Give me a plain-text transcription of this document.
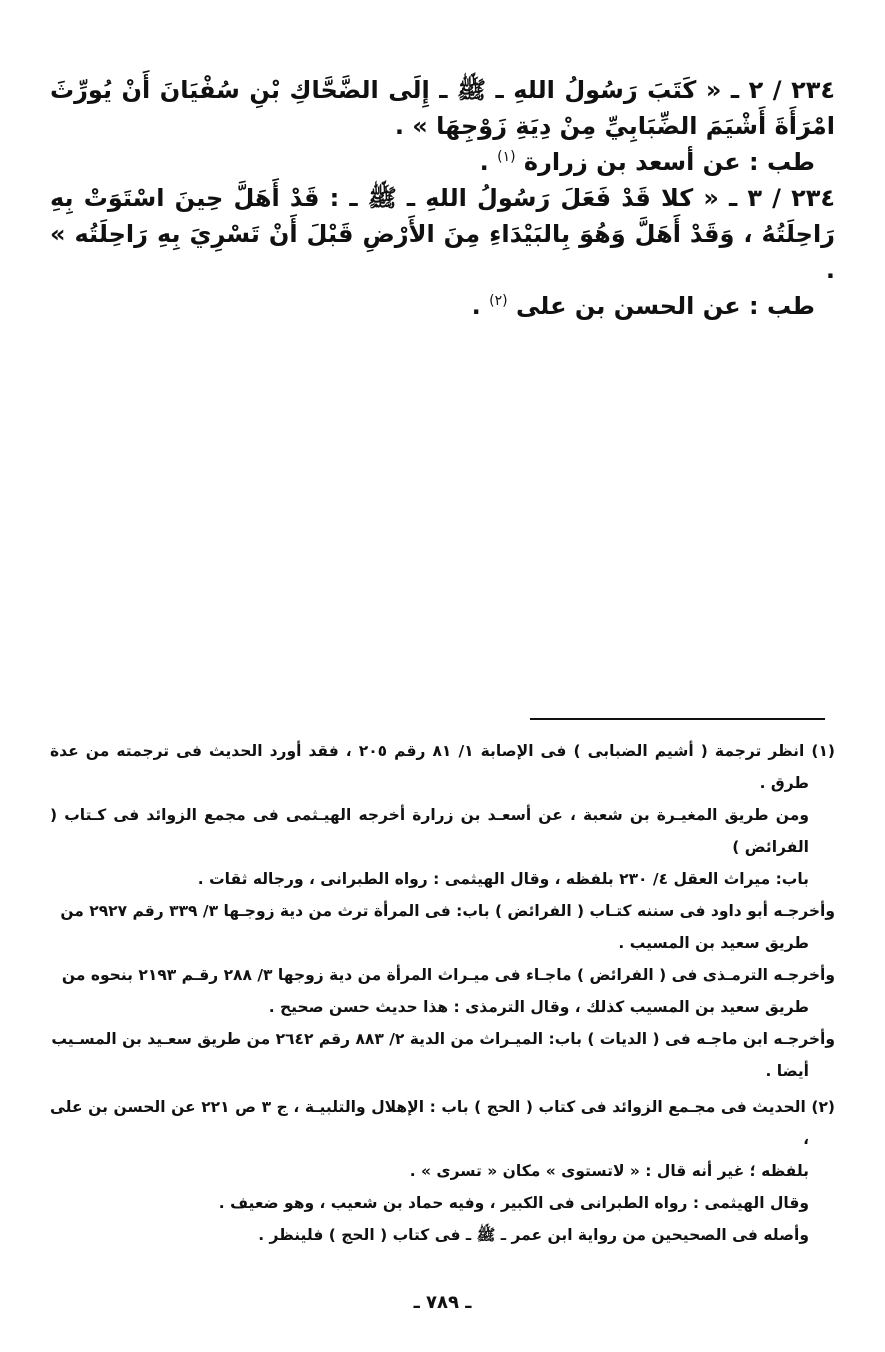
٢٣٤ / ٢ ـ « كَتَبَ رَسُولُ اللهِ ـ ﷺ ـ إِلَى الضَّحَّاكِ بْنِ سُفْيَانَ أَنْ يُورِّثَ امْرَأَةَ أَشْيَمَ الضِّبَابِيِّ مِنْ دِيَةِ زَوْجِهَا » .

طب : عن أسعد بن زرارة $^{(١)}$ .

٢٣٤ / ٣ ـ « كلا قَدْ فَعَلَ رَسُولُ اللهِ ـ ﷺ ـ : قَدْ أَهَلَّ حِينَ اسْتَوَتْ بِهِ رَاحِلَتُهُ ، وَقَدْ أَهَلَّ وَهُوَ بِالبَيْدَاءِ مِنَ الأَرْضِ قَبْلَ أَنْ تَسْرِيَ بِهِ رَاحِلَتُه » .

طب : عن الحسن بن على $^{(٢)}$ .

(١) انظر ترجمة ( أشيم الضبابى ) فى الإصابة ١/ ٨١ رقم ٢٠٥ ، فقد أورد الحديث فى ترجمته من عدة طرق .
ومن طريق المغيـرة بن شعبة ، عن أسعـد بن زرارة أخرجه الهيـثمى فى مجمع الزوائد فى كـتاب ( الفرائض )
باب: ميراث العقل ٤/ ٢٣٠ بلفظه ، وقال الهيثمى : رواه الطبرانى ، ورجاله ثقات .
وأخرجـه أبو داود فى سننه كتـاب ( الفرائض ) باب: فى المرأة ترث من دية زوجـها ٣/ ٣٣٩ رقم ٢٩٢٧ من
طريق سعيد بن المسيب .
وأخرجـه الترمـذى فى ( الفرائض ) ماجـاء فى ميـراث المرأة من دية زوجها ٣/ ٢٨٨ رقـم ٢١٩٣ بنحوه من
طريق سعيد بن المسيب كذلك ، وقال الترمذى : هذا حديث حسن صحيح .
وأخرجـه ابن ماجـه فى ( الديات ) باب: الميـراث من الدية ٢/ ٨٨٣ رقم ٢٦٤٢ من طريق سعـيد بن المسـيب
أيضا .

(٢) الحديث فى مجـمع الزوائد فى كتاب ( الحج ) باب : الإهلال والتلبيـة ، ج ٣ ص ٢٢١ عن الحسن بن على ،
بلفظه ؛ غير أنه قال : « لاتستوى » مكان « تسرى » .
وقال الهيثمى : رواه الطبرانى فى الكبير ، وفيه حماد بن شعيب ، وهو ضعيف .
وأصله فى الصحيحين من رواية ابن عمر ـ ﷺ ـ فى كتاب ( الحج ) فلينظر .

ـ ٧٨٩ ـ
